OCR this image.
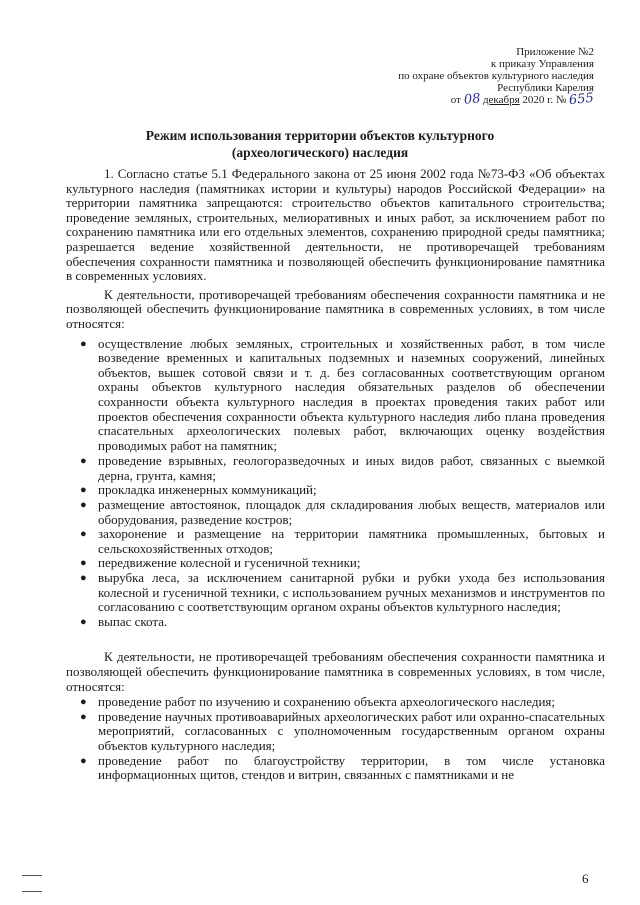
Приложение №2
к приказу Управления
по охране объектов культурного наследия
Республики Карелия
от 08 декабря 2020 г. № 655
Режим использования территории объектов культурного (археологического) наследия

1. Согласно статье 5.1 Федерального закона от 25 июня 2002 года №73-ФЗ «Об объектах культурного наследия (памятниках истории и культуры) народов Российской Федерации» на территории памятника запрещаются: строительство объектов капитального строительства; проведение земляных, строительных, мелиоративных и иных работ, за исключением работ по сохранению памятника или его отдельных элементов, сохранению природной среды памятника; разрешается ведение хозяйственной деятельности, не противоречащей требованиям обеспечения сохранности памятника и позволяющей обеспечить функционирование памятника в современных условиях.

К деятельности, противоречащей требованиям обеспечения сохранности памятника и не позволяющей обеспечить функционирование памятника в современных условиях, в том числе относятся:

● осуществление любых земляных, строительных и хозяйственных работ, в том числе возведение временных и капитальных подземных и наземных сооружений, линейных объектов, вышек сотовой связи и т. д. без согласованных соответствующим органом охраны объектов культурного наследия обязательных разделов об обеспечении сохранности объекта культурного наследия в проектах проведения таких работ или проектов обеспечения сохранности объекта культурного наследия либо плана проведения спасательных археологических полевых работ, включающих оценку воздействия проводимых работ на памятник;
● проведение взрывных, геологоразведочных и иных видов работ, связанных с выемкой дерна, грунта, камня;
● прокладка инженерных коммуникаций;
● размещение автостоянок, площадок для складирования любых веществ, материалов или оборудования, разведение костров;
● захоронение и размещение на территории памятника промышленных, бытовых и сельскохозяйственных отходов;
● передвижение колесной и гусеничной техники;
● вырубка леса, за исключением санитарной рубки и рубки ухода без использования колесной и гусеничной техники, с использованием ручных механизмов и инструментов по согласованию с соответствующим органом охраны объектов культурного наследия;
● выпас скота.

К деятельности, не противоречащей требованиям обеспечения сохранности памятника и позволяющей обеспечить функционирование памятника в современных условиях, в том числе, относятся:

● проведение работ по изучению и сохранению объекта археологического наследия;
● проведение научных противоаварийных археологических работ или охранно-спасательных мероприятий, согласованных с уполномоченным государственным органом охраны объектов культурного наследия;
● проведение работ по благоустройству территории, в том числе установка информационных щитов, стендов и витрин, связанных с памятниками и не
6
